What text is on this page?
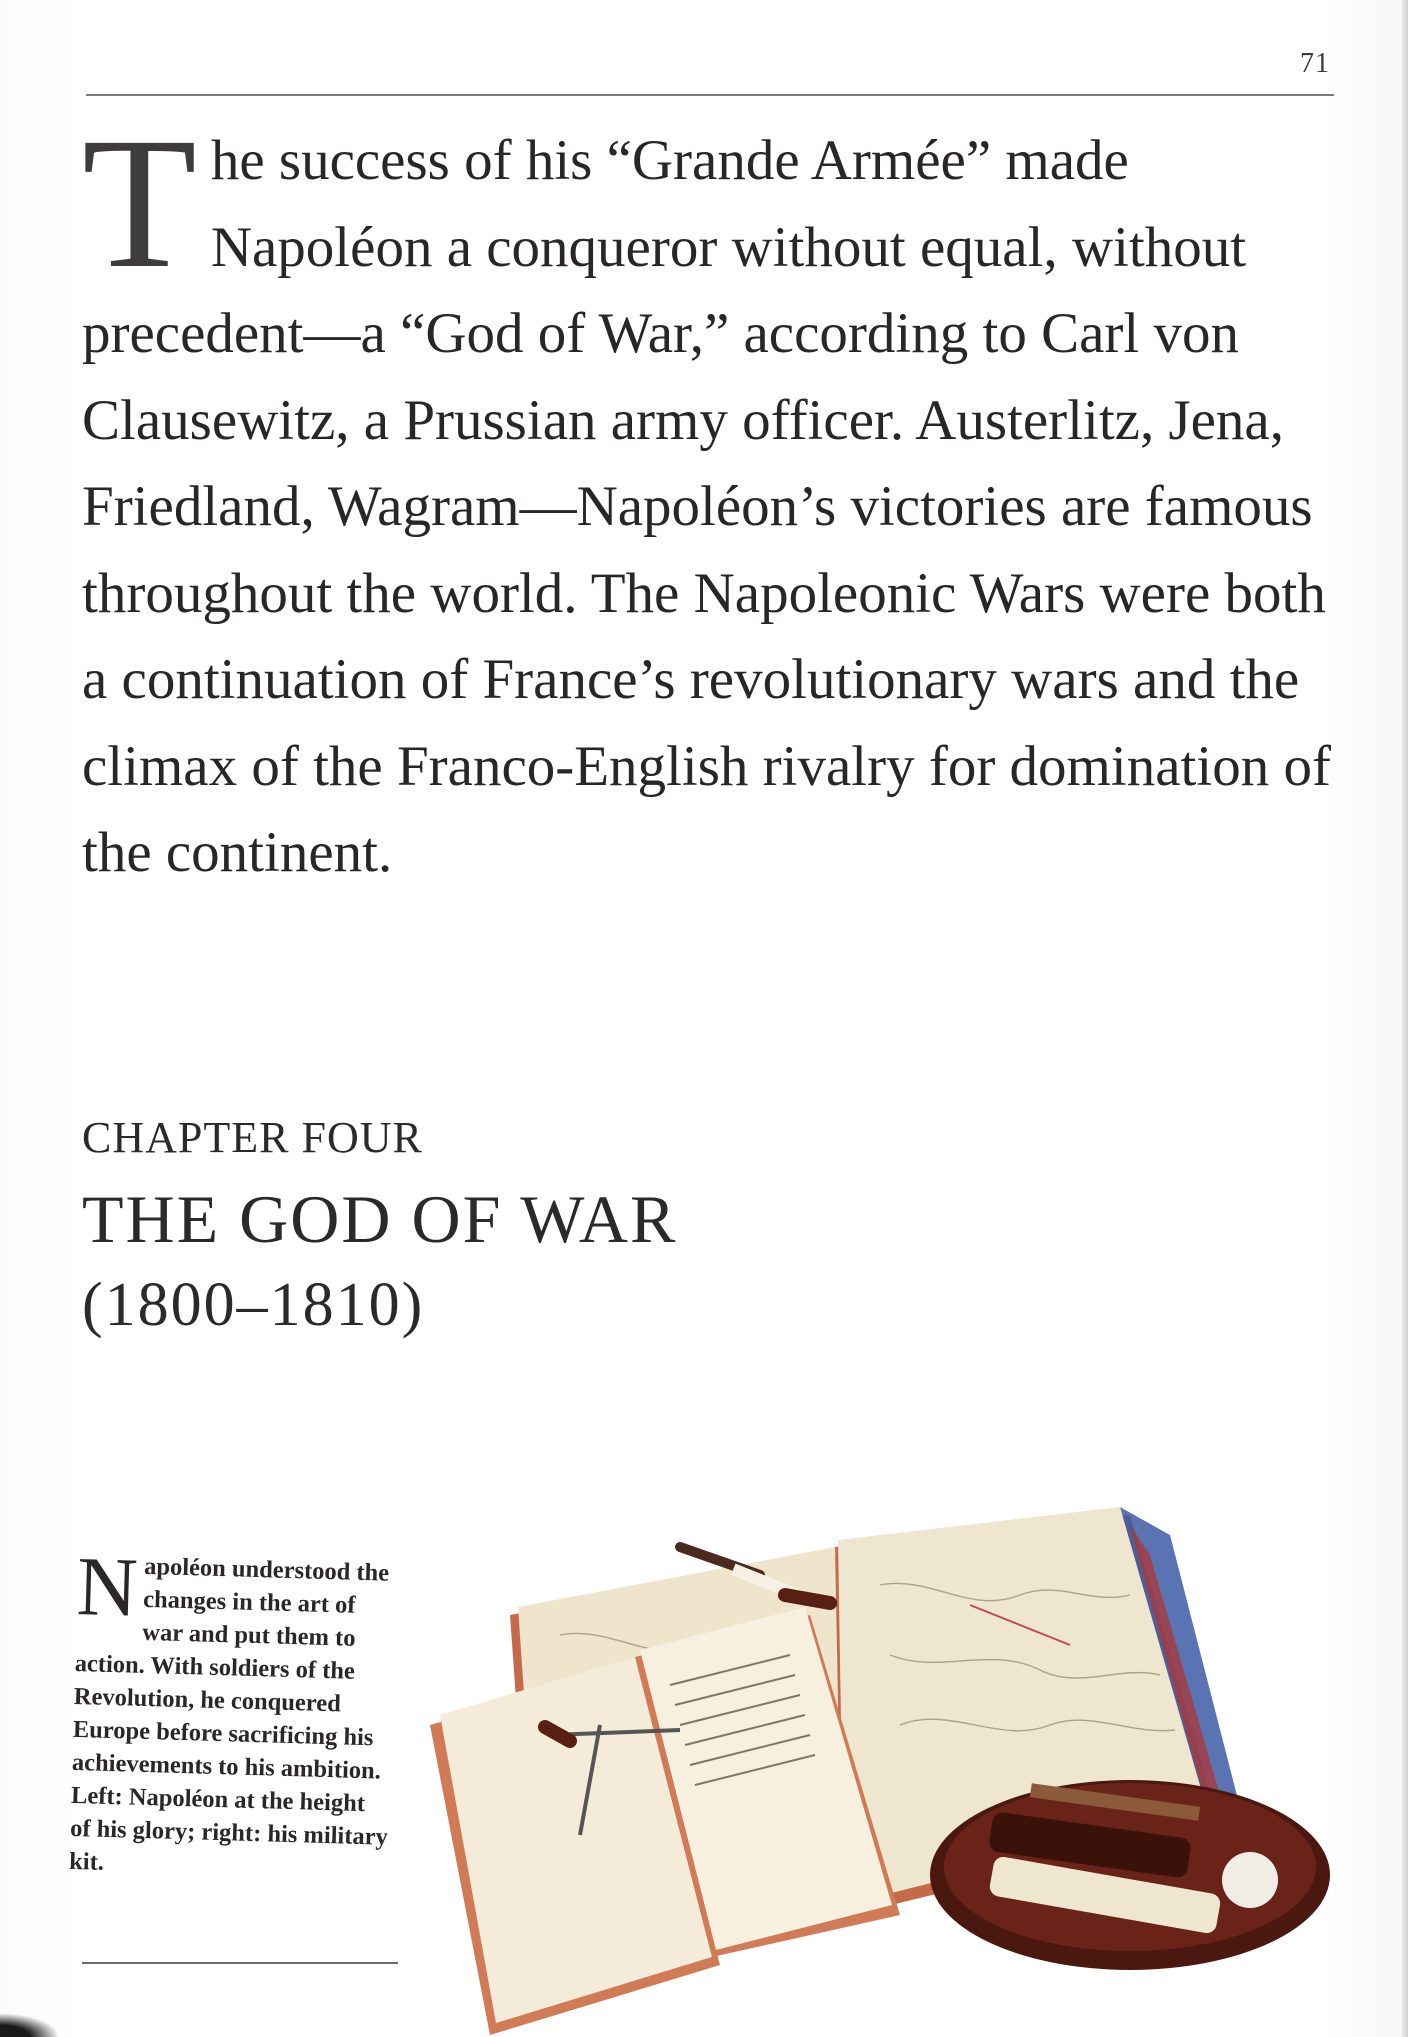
71

The success of his “Grande Armée” made Napoléon a conqueror without equal, without precedent—a “God of War,” according to Carl von Clausewitz, a Prussian army officer. Austerlitz, Jena, Friedland, Wagram—Napoléon’s victories are famous throughout the world. The Napoleonic Wars were both a continuation of France’s revolutionary wars and the climax of the Franco-English rivalry for domination of the continent.

CHAPTER FOUR
THE GOD OF WAR
(1800–1810)

Napoléon understood the changes in the art of war and put them to action. With soldiers of the Revolution, he conquered Europe before sacrificing his achievements to his ambition. Left: Napoléon at the height of his glory; right: his military kit.
